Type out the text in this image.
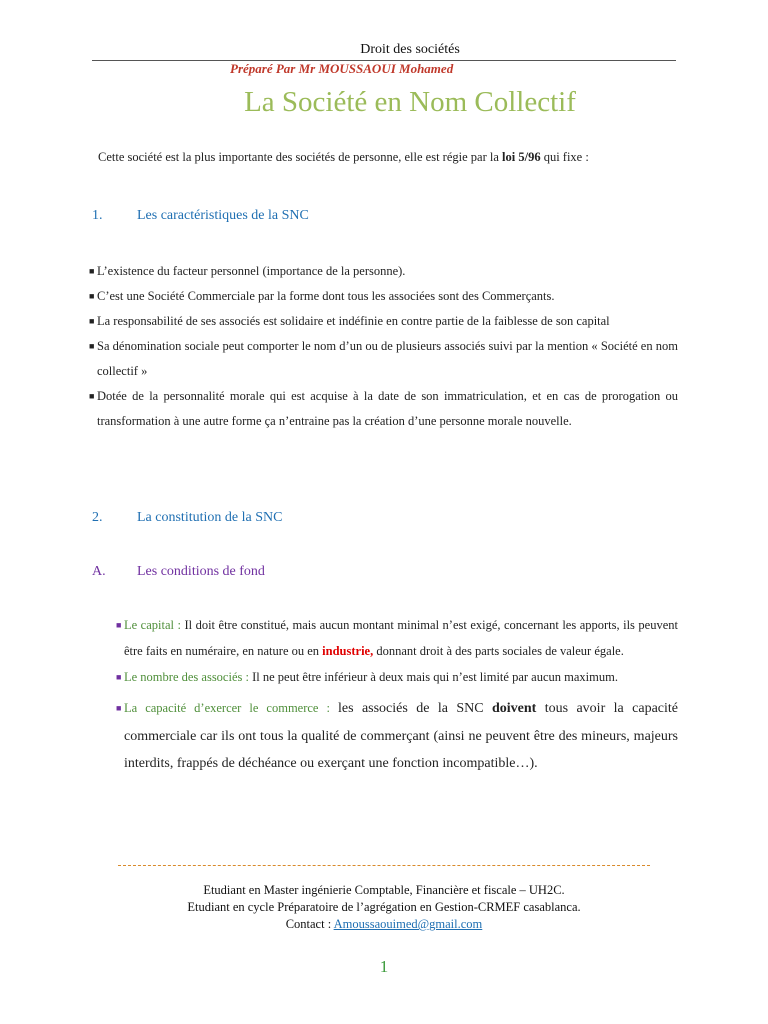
Droit des sociétés
Préparé Par Mr MOUSSAOUI Mohamed
La Société en Nom Collectif
Cette société est la plus importante des sociétés de personne, elle est régie par la loi 5/96 qui fixe :
1. Les caractéristiques de la SNC
■ L’existence du facteur personnel (importance de la personne).
■ C’est une Société Commerciale par la forme dont tous les associées sont des Commerçants.
■ La responsabilité de ses associés est solidaire et indéfinie en contre partie de la faiblesse de son capital
■ Sa dénomination sociale peut comporter le nom d’un ou de plusieurs associés suivi par la mention « Société en nom collectif »
■ Dotée de la personnalité morale qui est acquise à la date de son immatriculation, et en cas de prorogation ou transformation à une autre forme ça n’entraine pas la création d’une personne morale nouvelle.
2. La constitution de la SNC
A. Les conditions de fond
■ Le capital : Il doit être constitué, mais aucun montant minimal n’est exigé, concernant les apports, ils peuvent être faits en numéraire, en nature ou en industrie, donnant droit à des parts sociales de valeur égale.
■ Le nombre des associés : Il ne peut être inférieur à deux mais qui n’est limité par aucun maximum.
■ La capacité d’exercer le commerce : les associés de la SNC doivent tous avoir la capacité commerciale car ils ont tous la qualité de commerçant (ainsi ne peuvent être des mineurs, majeurs interdits, frappés de déchéance ou exerçant une fonction incompatible…).
Etudiant en Master ingénierie Comptable, Financière et fiscale – UH2C.
Etudiant en cycle Préparatoire de l’agrégation en Gestion-CRMEF casablanca.
Contact : Amoussaouimed@gmail.com
1
